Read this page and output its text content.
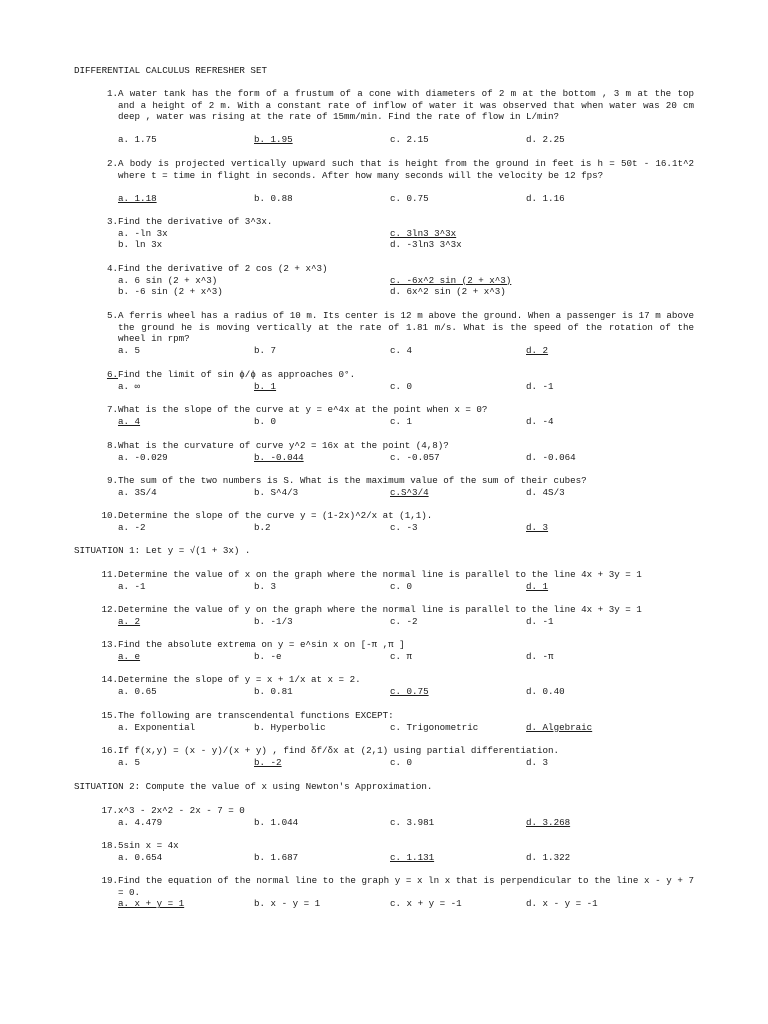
DIFFERENTIAL CALCULUS REFRESHER SET
1. A water tank has the form of a frustum of a cone with diameters of 2 m at the bottom , 3 m at the top and a height of 2 m. With a constant rate of inflow of water it was observed that when water was 20 cm deep , water was rising at the rate of 15mm/min. Find the rate of flow in L/min?
a. 1.75	b. 1.95	c. 2.15	d. 2.25
2. A body is projected vertically upward such that is height from the ground in feet is h = 50t - 16.1t^2 where t = time in flight in seconds. After how many seconds will the velocity be 12 fps?
a. 1.18	b. 0.88	c. 0.75	d. 1.16
3. Find the derivative of 3^3x.
a. -ln 3x	c. 3ln3 3^3x
b. ln 3x	d. -3ln3 3^3x
4. Find the derivative of 2 cos (2 + x^3)
a. 6 sin (2 + x^3)	c. -6x^2 sin (2 + x^3)
b. -6 sin (2 + x^3)	d. 6x^2 sin (2 + x^3)
5. A ferris wheel has a radius of 10 m. Its center is 12 m above the ground. When a passenger is 17 m above the ground he is moving vertically at the rate of 1.81 m/s. What is the speed of the rotation of the wheel in rpm?
a. 5	b. 7	c. 4	d. 2
6. Find the limit of sin ϕ/ϕ as approaches 0°.
a. ∞	b. 1	c. 0	d. -1
7. What is the slope of the curve at y = e^4x at the point when x = 0?
a. 4	b. 0	c. 1	d. -4
8. What is the curvature of curve y^2 = 16x at the point (4,8)?
a. -0.029	b. -0.044	c. -0.057	d. -0.064
9. The sum of the two numbers is S. What is the maximum value of the sum of their cubes?
a. 3S/4	b. S^4/3	c.S^3/4	d. 4S/3
10. Determine the slope of the curve y = (1-2x)^2/x at (1,1).
a. -2	b.2	c. -3	d. 3
SITUATION 1: Let y = √(1 + 3x) .
11. Determine the value of x on the graph where the normal line is parallel to the line 4x + 3y = 1
a. -1	b. 3	c. 0	d. 1
12. Determine the value of y on the graph where the normal line is parallel to the line 4x + 3y = 1
a. 2	b. -1/3	c. -2	d. -1
13. Find the absolute extrema on y = e^sin x on [-π ,π ]
a. e	b. -e	c. π	d. -π
14. Determine the slope of y = x + 1/x at x = 2.
a. 0.65	b. 0.81	c. 0.75	d. 0.40
15. The following are transcendental functions EXCEPT:
a. Exponential	b. Hyperbolic	c. Trigonometric	d. Algebraic
16. If f(x,y) = (x - y)/(x + y) , find δf/δx at (2,1) using partial differentiation.
a. 5	b. -2	c. 0	d. 3
SITUATION 2: Compute the value of x using Newton's Approximation.
17. x^3 - 2x^2 - 2x - 7 = 0
a. 4.479	b. 1.044	c. 3.981	d. 3.268
18. 5sin x = 4x
a. 0.654	b. 1.687	c. 1.131	d. 1.322
19. Find the equation of the normal line to the graph y = x ln x that is perpendicular to the line x - y + 7 = 0.
a. x + y = 1	b. x - y = 1	c. x + y = -1	d. x - y = -1
